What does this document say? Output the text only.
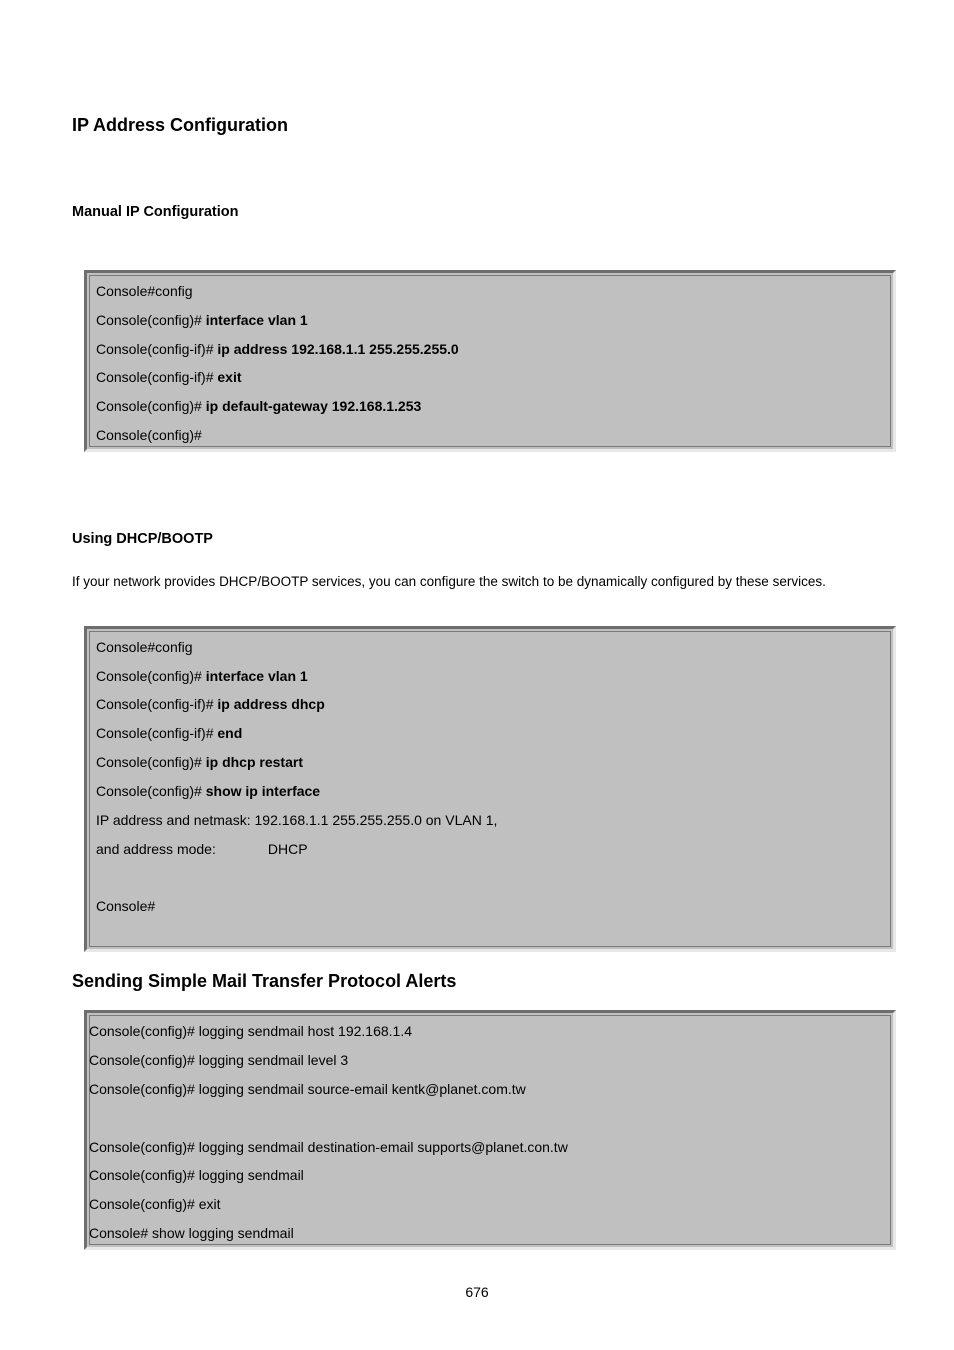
IP Address Configuration
Manual IP Configuration
Console#config
Console(config)# interface vlan 1
Console(config-if)# ip address 192.168.1.1 255.255.255.0
Console(config-if)# exit
Console(config)# ip default-gateway 192.168.1.253
Console(config)#
Using DHCP/BOOTP

If your network provides DHCP/BOOTP services, you can configure the switch to be dynamically configured by these services.

Console#config
Console(config)# interface vlan 1
Console(config-if)# ip address dhcp
Console(config-if)# end
Console(config)# ip dhcp restart
Console(config)# show ip interface
IP address and netmask: 192.168.1.1 255.255.255.0 on VLAN 1,
and address mode:	DHCP
Console#
Sending Simple Mail Transfer Protocol Alerts
Console(config)# logging sendmail host 192.168.1.4
Console(config)# logging sendmail level 3
Console(config)# logging sendmail source-email kentk@planet.com.tw
Console(config)# logging sendmail destination-email supports@planet.con.tw
Console(config)# logging sendmail
Console(config)# exit
Console# show logging sendmail
676
